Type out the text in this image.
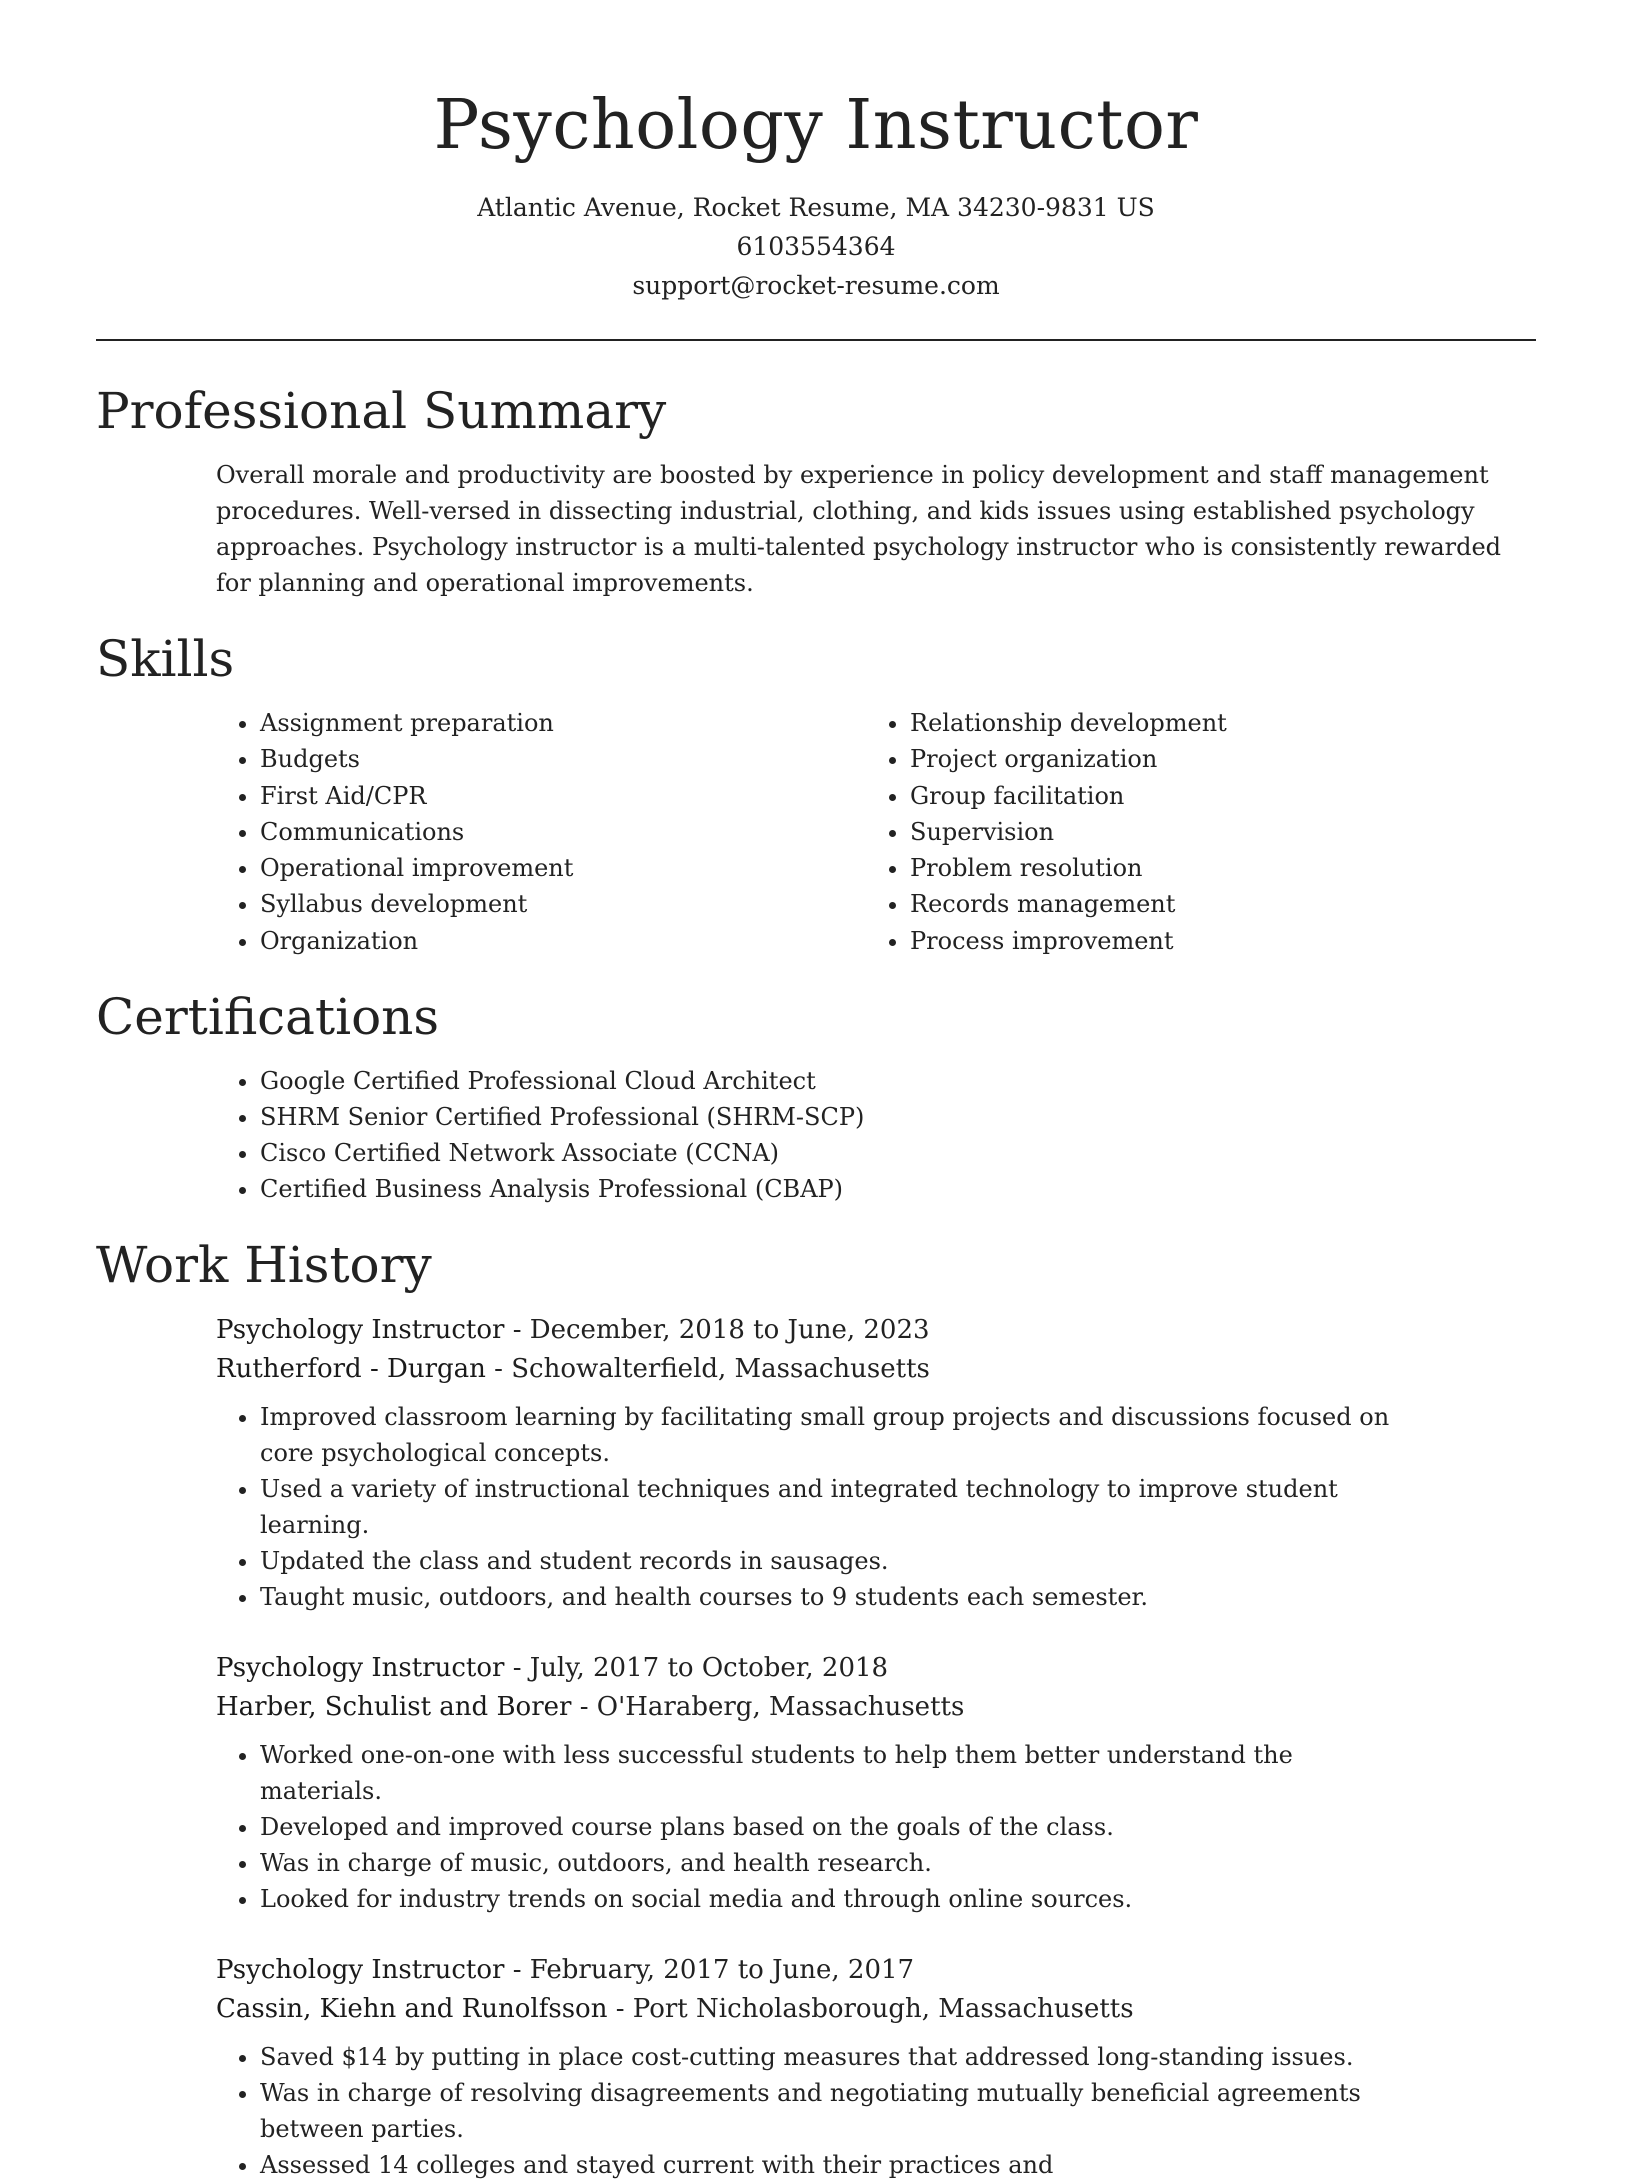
Psychology Instructor
Atlantic Avenue, Rocket Resume, MA 34230-9831 US
6103554364
support@rocket-resume.com
Professional Summary

Overall morale and productivity are boosted by experience in policy development and staff management procedures. Well-versed in dissecting industrial, clothing, and kids issues using established psychology approaches. Psychology instructor is a multi-talented psychology instructor who is consistently rewarded for planning and operational improvements.

Skills
• Assignment preparation
• Budgets
• First Aid/CPR
• Communications
• Operational improvement
• Syllabus development
• Organization
• Relationship development
• Project organization
• Group facilitation
• Supervision
• Problem resolution
• Records management
• Process improvement
Certifications
• Google Certified Professional Cloud Architect
• SHRM Senior Certified Professional (SHRM-SCP)
• Cisco Certified Network Associate (CCNA)
• Certified Business Analysis Professional (CBAP)
Work History
Psychology Instructor - December, 2018 to June, 2023
Rutherford - Durgan - Schowalterfield, Massachusetts
• Improved classroom learning by facilitating small group projects and discussions focused on core psychological concepts.
• Used a variety of instructional techniques and integrated technology to improve student learning.
• Updated the class and student records in sausages.
• Taught music, outdoors, and health courses to 9 students each semester.
Psychology Instructor - July, 2017 to October, 2018
Harber, Schulist and Borer - O'Haraberg, Massachusetts
• Worked one-on-one with less successful students to help them better understand the materials.
• Developed and improved course plans based on the goals of the class.
• Was in charge of music, outdoors, and health research.
• Looked for industry trends on social media and through online sources.
Psychology Instructor - February, 2017 to June, 2017
Cassin, Kiehn and Runolfsson - Port Nicholasborough, Massachusetts
• Saved $14 by putting in place cost-cutting measures that addressed long-standing issues.
• Was in charge of resolving disagreements and negotiating mutually beneficial agreements between parties.
• Assessed 14 colleges and stayed current with their practices and
